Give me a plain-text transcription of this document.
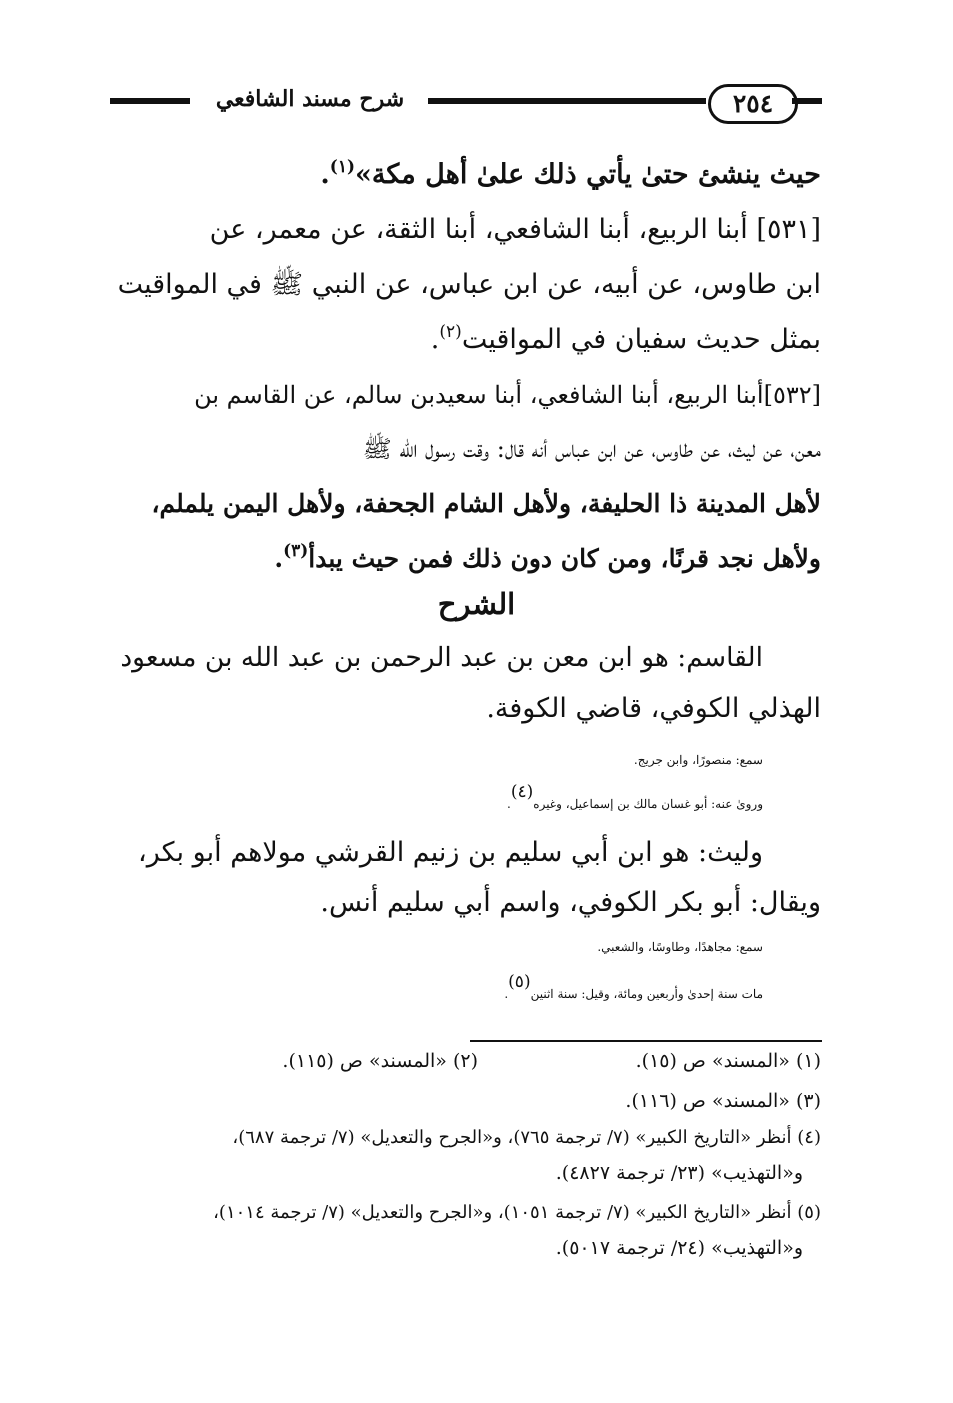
شرح مسند الشافعي	٢٥٤
حيث ينشئ حتىٰ يأتي ذلك علىٰ أهل مكة»$^{(١)}$.
[٥٣١] أبنا الربيع، أبنا الشافعي، أبنا الثقة، عن معمر، عن
ابن طاوس، عن أبيه، عن ابن عباس، عن النبي ﷺ في المواقيت
بمثل حديث سفيان في المواقيت$^{(٢)}$.
[٥٣٢]أبنا الربيع، أبنا الشافعي، أبنا سعيدبن سالم، عن القاسم بن
معن، عن ليث، عن طاوس، عن ابن عباس أنه قال: وقت رسول الله ﷺ
لأهل المدينة ذا الحليفة، ولأهل الشام الجحفة، ولأهل اليمن يلملم،
ولأهل نجد قرنًا، ومن كان دون ذلك فمن حيث يبدأ$^{(٣)}$.
الشرح
القاسم: هو ابن معن بن عبد الرحمن بن عبد الله بن مسعود
الهذلي الكوفي، قاضي الكوفة.
سمع: منصورًا، وابن جريج.
ورویٰ عنه: أبو غسان مالك بن إسماعيل، وغيره(٤).
وليث: هو ابن أبي سليم بن زنيم القرشي مولاهم أبو بكر،
ويقال: أبو بكر الكوفي، واسم أبي سليم أنس.
سمع: مجاهدًا، وطاوسًا، والشعبي.
مات سنة إحدىٰ وأربعين ومائة، وقيل: سنة اثنين(٥).
(١) «المسند» ص (١٥).
(٢) «المسند» ص (١١٥).
(٣) «المسند» ص (١١٦).
(٤) أنظر «التاريخ الكبير» (٧/ ترجمة ٧٦٥)، و«الجرح والتعديل» (٧/ ترجمة ٦٨٧)،
و«التهذيب» (٢٣/ ترجمة ٤٨٢٧).
(٥) أنظر «التاريخ الكبير» (٧/ ترجمة ١٠٥١)، و«الجرح والتعديل» (٧/ ترجمة ١٠١٤)،
و«التهذيب» (٢٤/ ترجمة ٥٠١٧).
